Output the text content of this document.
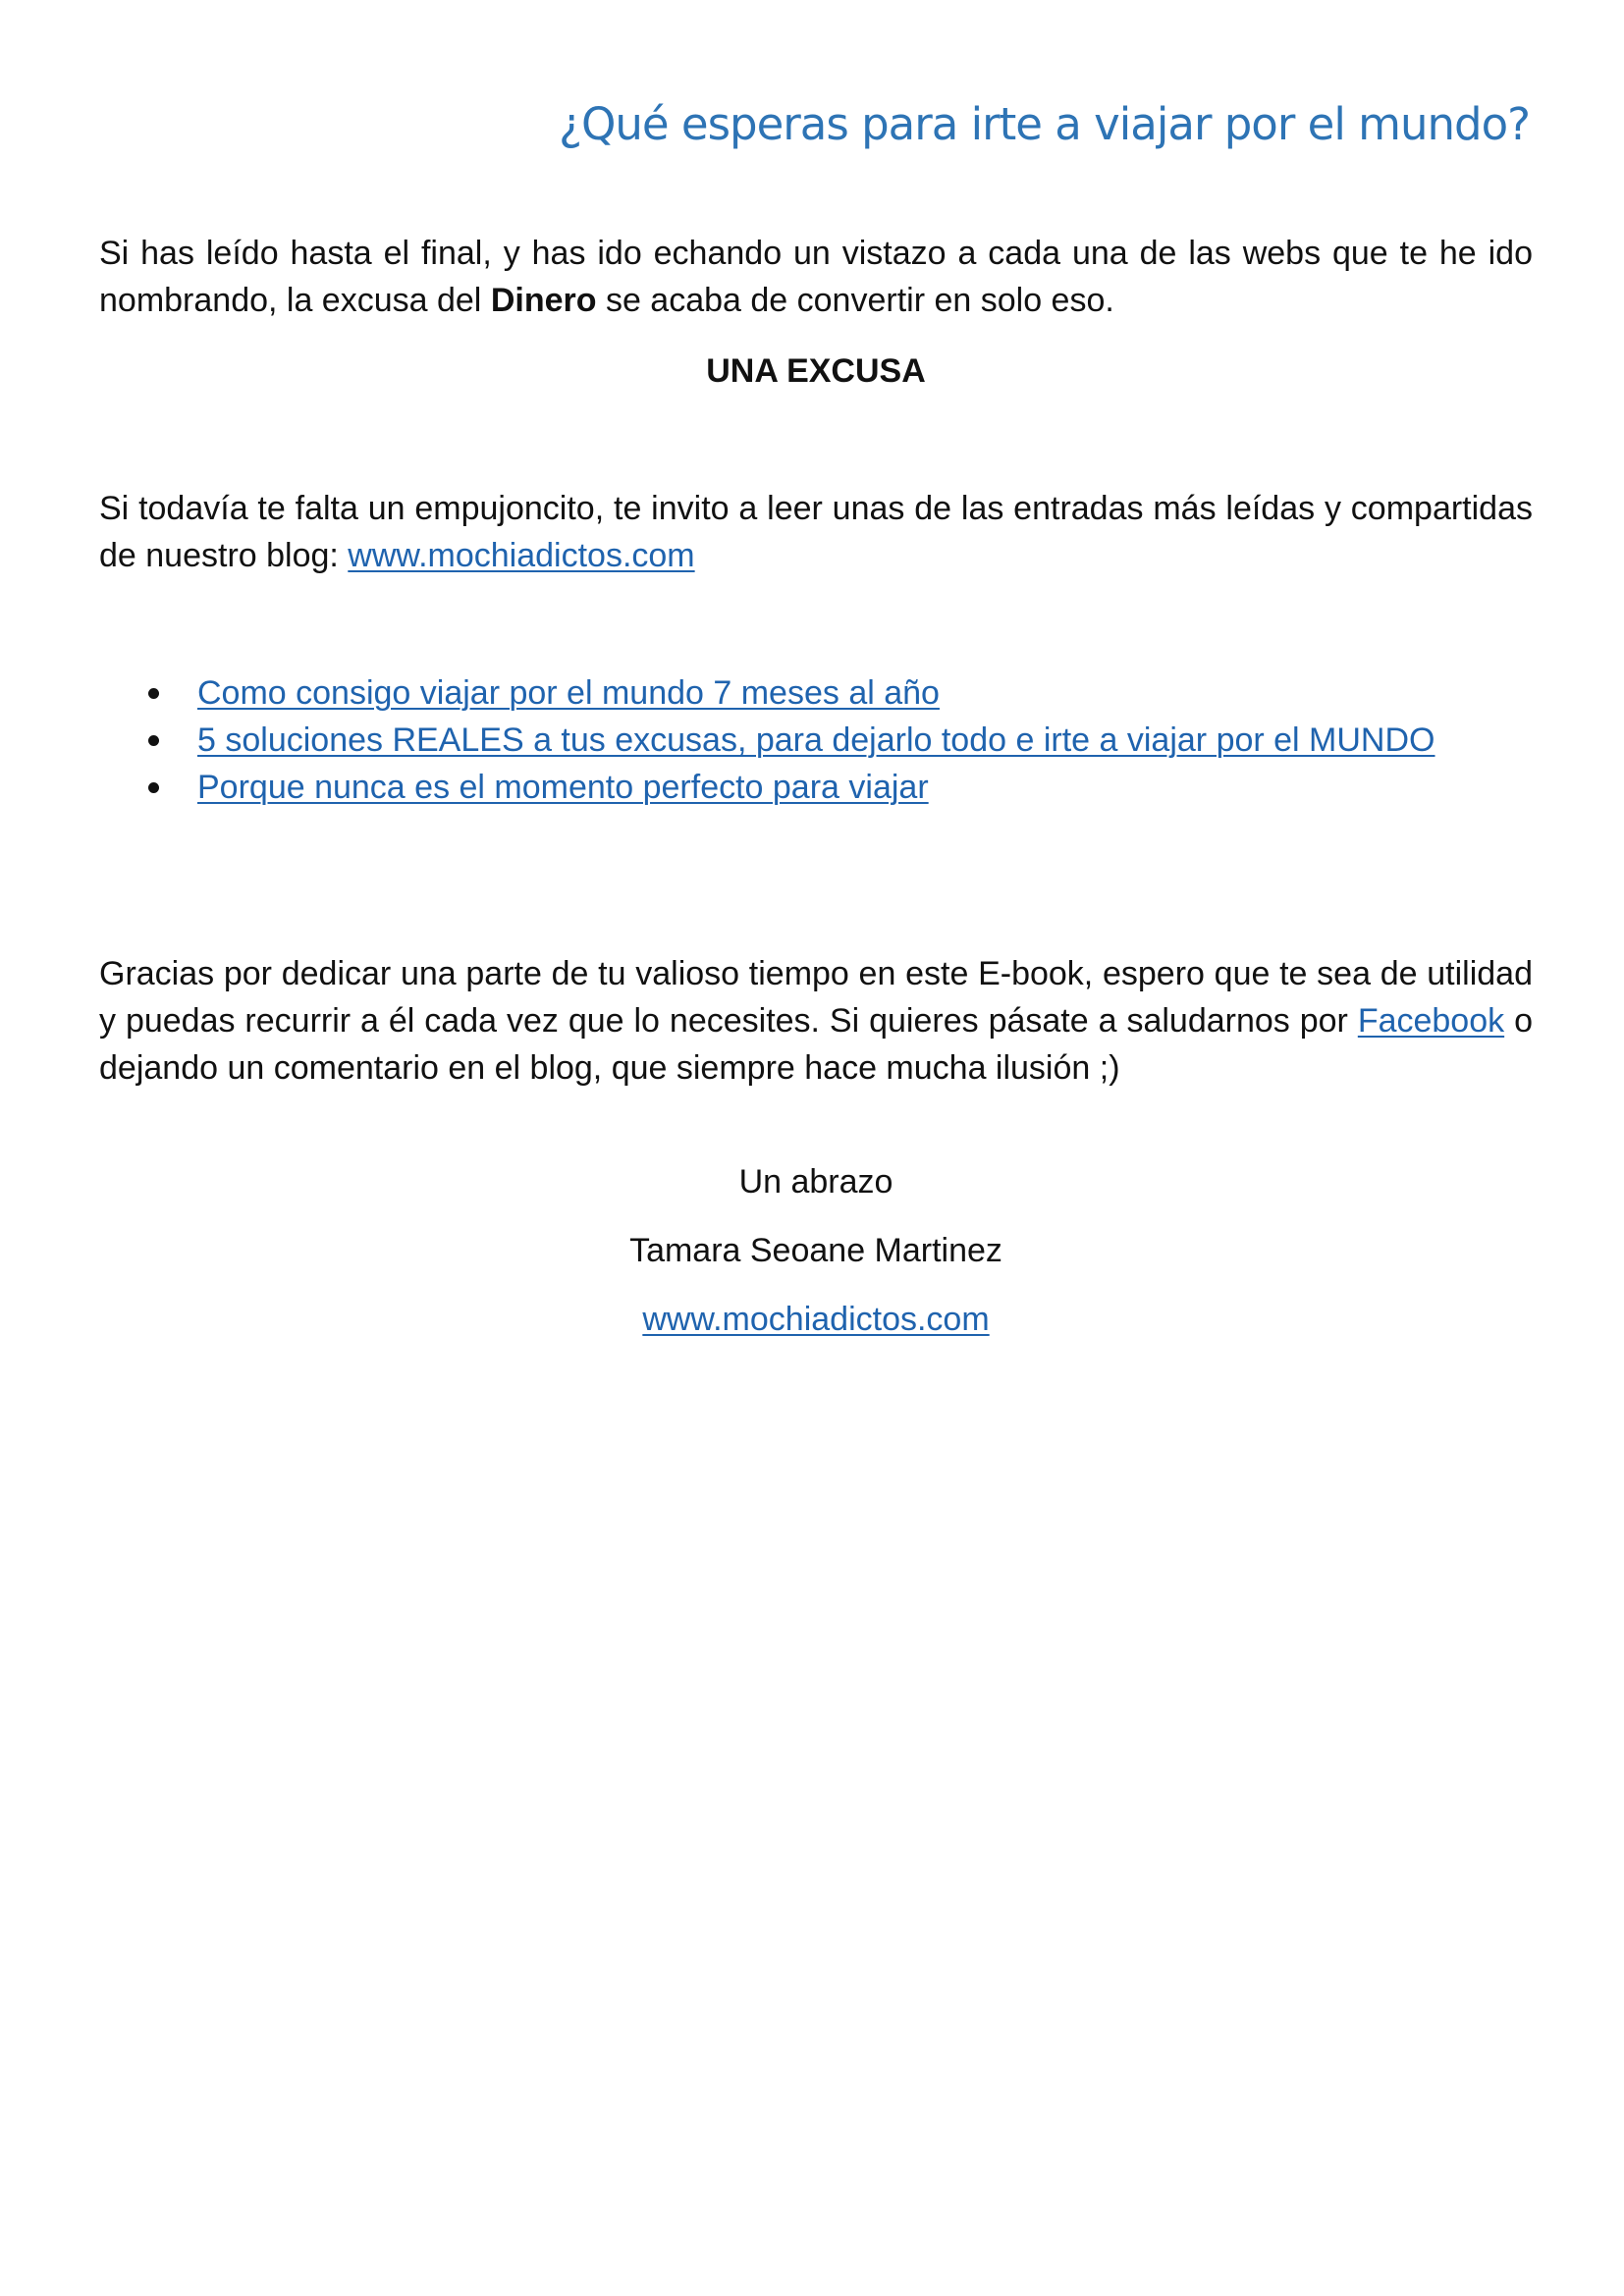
¿Qué esperas para irte a viajar por el mundo?

Si has leído hasta el final, y has ido echando un vistazo a cada una de las webs que te he ido nombrando, la excusa del Dinero se acaba de convertir en solo eso.

UNA EXCUSA

Si todavía te falta un empujoncito, te invito a leer unas de las entradas más leídas y compartidas de nuestro blog: www.mochiadictos.com

Como consigo viajar por el mundo 7 meses al año
5 soluciones REALES a tus excusas, para dejarlo todo e irte a viajar por el MUNDO
Porque nunca es el momento perfecto para viajar

Gracias por dedicar una parte de tu valioso tiempo en este E-book, espero que te sea de utilidad y puedas recurrir a él cada vez que lo necesites. Si quieres pásate a saludarnos por Facebook o dejando un comentario en el blog, que siempre hace mucha ilusión ;)

Un abrazo

Tamara Seoane Martinez

www.mochiadictos.com
